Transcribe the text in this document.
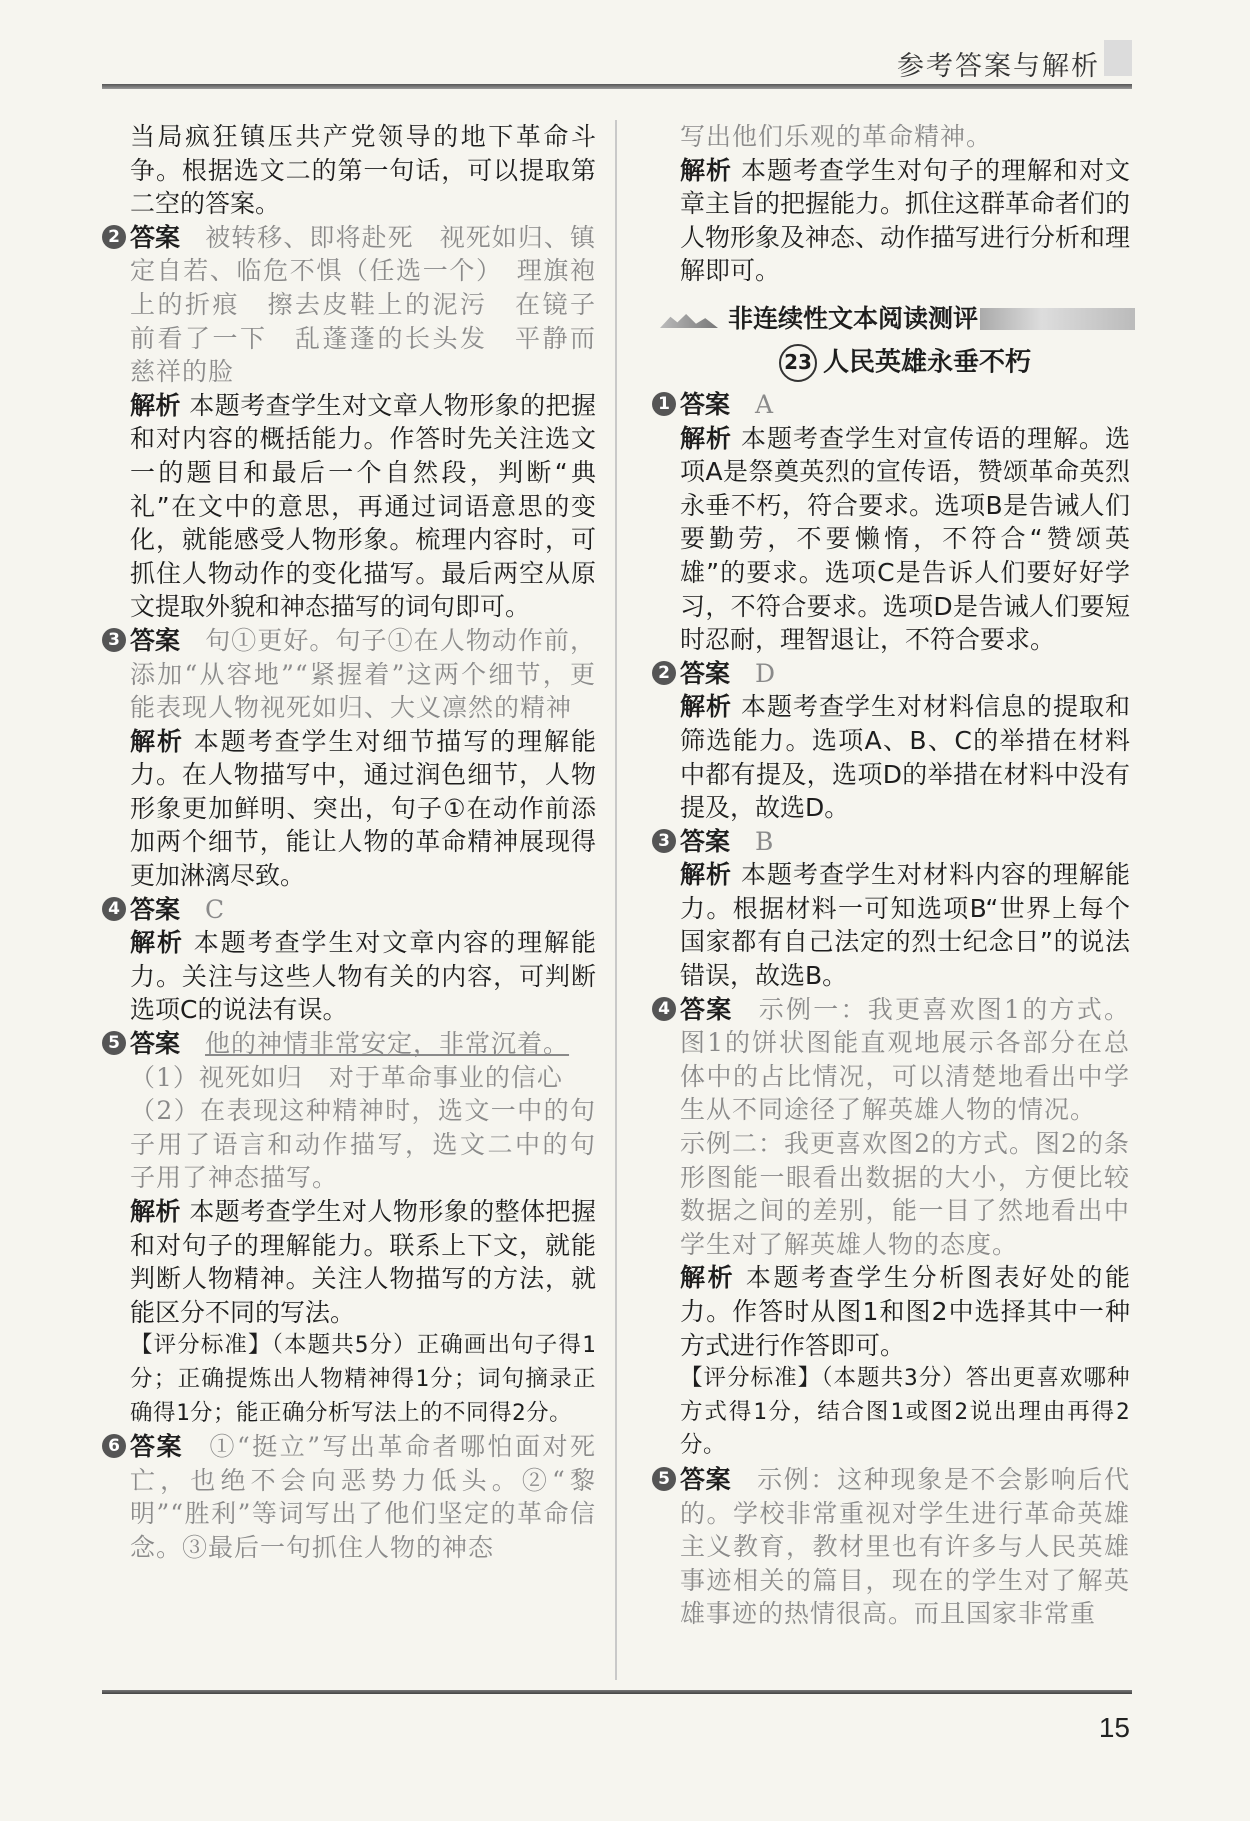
参考答案与解析

当局疯狂镇压共产党领导的地下革命斗争。根据选文二的第一句话，可以提取第二空的答案。

2 答案　 被转移、即将赴死　视死如归、镇定自若、临危不惧（任选一个）　理旗袍上的折痕　擦去皮鞋上的泥污　在镜子前看了一下　乱蓬蓬的长头发　平静而慈祥的脸

解析 本题考查学生对文章人物形象的把握和对内容的概括能力。作答时先关注选文一的题目和最后一个自然段，判断“典礼”在文中的意思，再通过词语意思的变化，就能感受人物形象。梳理内容时，可抓住人物动作的变化描写。最后两空从原文提取外貌和神态描写的词句即可。

3 答案　 句①更好。句子①在人物动作前，添加“从容地”“紧握着”这两个细节，更能表现人物视死如归、大义凛然的精神

解析 本题考查学生对细节描写的理解能力。在人物描写中，通过润色细节，人物形象更加鲜明、突出，句子①在动作前添加两个细节，能让人物的革命精神展现得更加淋漓尽致。

4 答案　 C

解析 本题考查学生对文章内容的理解能力。关注与这些人物有关的内容，可判断选项C的说法有误。

5 答案　 他的神情非常安定，非常沉着。

（1）视死如归　对于革命事业的信心

（2）在表现这种精神时，选文一中的句子用了语言和动作描写，选文二中的句子用了神态描写。

解析 本题考查学生对人物形象的整体把握和对句子的理解能力。联系上下文，就能判断人物精神。关注人物描写的方法，就能区分不同的写法。

【评分标准】（本题共5分）正确画出句子得1分；正确提炼出人物精神得1分；词句摘录正确得1分；能正确分析写法上的不同得2分。

6 答案　 ①“挺立”写出革命者哪怕面对死亡，也绝不会向恶势力低头。②“黎明”“胜利”等词写出了他们坚定的革命信念。③最后一句抓住人物的神态

写出他们乐观的革命精神。

解析 本题考查学生对句子的理解和对文章主旨的把握能力。抓住这群革命者们的人物形象及神态、动作描写进行分析和理解即可。

非连续性文本阅读测评
23 人民英雄永垂不朽
1 答案　 A

解析 本题考查学生对宣传语的理解。选项A是祭奠英烈的宣传语，赞颂革命英烈永垂不朽，符合要求。选项B是告诫人们要勤劳，不要懒惰，不符合“赞颂英雄”的要求。选项C是告诉人们要好好学习，不符合要求。选项D是告诫人们要短时忍耐，理智退让，不符合要求。

2 答案　 D

解析 本题考查学生对材料信息的提取和筛选能力。选项A、B、C的举措在材料中都有提及，选项D的举措在材料中没有提及，故选D。

3 答案　 B

解析 本题考查学生对材料内容的理解能力。根据材料一可知选项B“世界上每个国家都有自己法定的烈士纪念日”的说法错误，故选B。

4 答案　 示例一：我更喜欢图1的方式。图1的饼状图能直观地展示各部分在总体中的占比情况，可以清楚地看出中学生从不同途径了解英雄人物的情况。

示例二：我更喜欢图2的方式。图2的条形图能一眼看出数据的大小，方便比较数据之间的差别，能一目了然地看出中学生对了解英雄人物的态度。

解析 本题考查学生分析图表好处的能力。作答时从图1和图2中选择其中一种方式进行作答即可。

【评分标准】（本题共3分）答出更喜欢哪种方式得1分，结合图1或图2说出理由再得2分。

5 答案　 示例：这种现象是不会影响后代的。学校非常重视对学生进行革命英雄主义教育，教材里也有许多与人民英雄事迹相关的篇目，现在的学生对了解英雄事迹的热情很高。而且国家非常重

15
